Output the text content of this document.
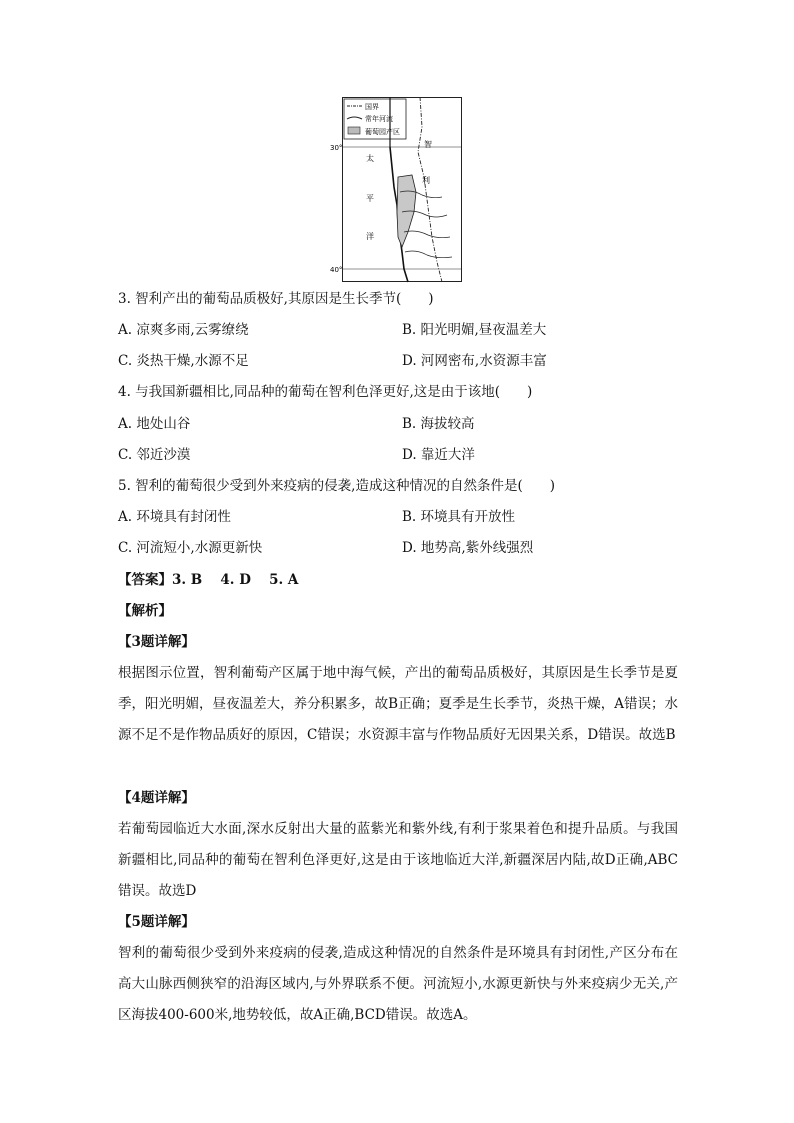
国界
常年河流
葡萄园产区
30°
40°
太
平
洋
智
利
3. 智利产出的葡萄品质极好,其原因是生长季节(　　)
A. 凉爽多雨,云雾缭绕	B. 阳光明媚,昼夜温差大
C. 炎热干燥,水源不足	D. 河网密布,水资源丰富
4. 与我国新疆相比,同品种的葡萄在智利色泽更好,这是由于该地(　　)
A. 地处山谷	B. 海拔较高
C. 邻近沙漠	D. 靠近大洋
5. 智利的葡萄很少受到外来疫病的侵袭,造成这种情况的自然条件是(　　)
A. 环境具有封闭性	B. 环境具有开放性
C. 河流短小,水源更新快	D. 地势高,紫外线强烈
【答案】3. B　 4. D　 5. A
【解析】
【3题详解】
根据图示位置，智利葡萄产区属于地中海气候，产出的葡萄品质极好，其原因是生长季节是夏季，阳光明媚，昼夜温差大，养分积累多，故B正确；夏季是生长季节，炎热干燥，A错误；水源不足不是作物品质好的原因，C错误；水资源丰富与作物品质好无因果关系，D错误。故选B
【4题详解】
若葡萄园临近大水面,深水反射出大量的蓝紫光和紫外线,有利于浆果着色和提升品质。与我国新疆相比,同品种的葡萄在智利色泽更好,这是由于该地临近大洋,新疆深居内陆,故D正确,ABC错误。故选D
【5题详解】
智利的葡萄很少受到外来疫病的侵袭,造成这种情况的自然条件是环境具有封闭性,产区分布在高大山脉西侧狭窄的沿海区域内,与外界联系不便。河流短小,水源更新快与外来疫病少无关,产区海拔400-600米,地势较低，故A正确,BCD错误。故选A。
